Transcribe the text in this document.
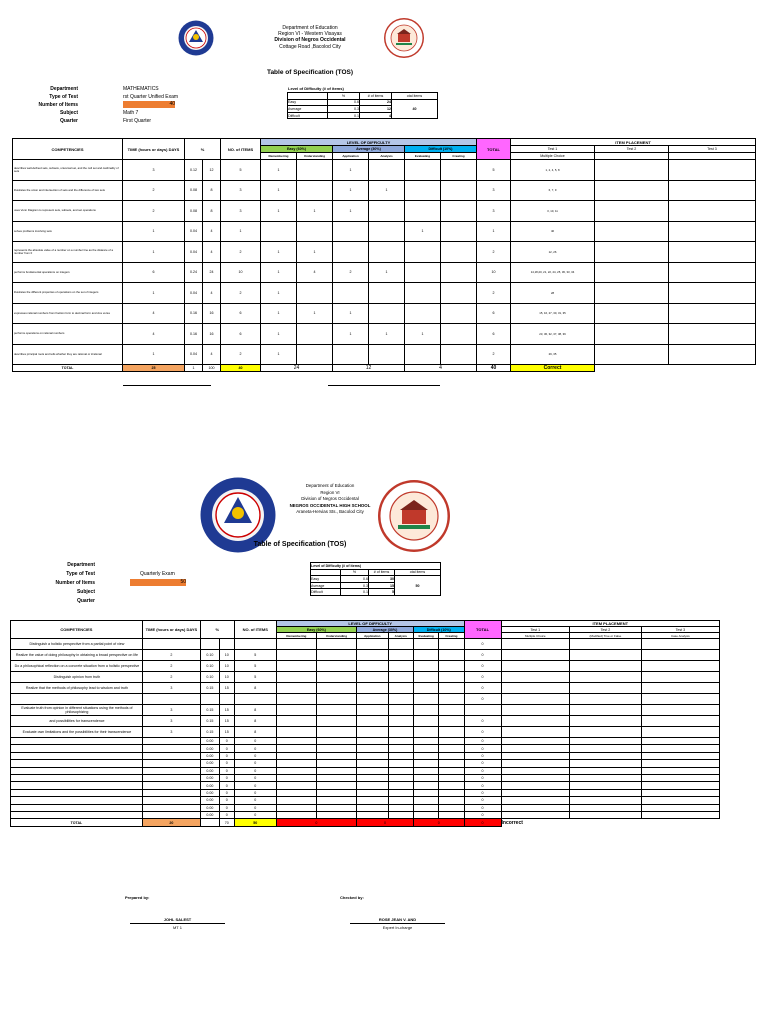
Department of Education
Region VI - Western Visayas
Division of Negros Occidental
Cottage Road ,Bacolod City
Table of Specification (TOS)
Department	MATHEMATICS
Type of Test	rst Quarter Unified Exam
Number of Items	40
Subject	Math 7
Quarter	First Quarter
Level of Difficulty (# of items)
	%	# of items	otal items
Easy	0.6	24	40
Average	0.3	12	
Difficult	0.1	4	
COMPETENCIES	TIME (hours or days) DAYS	%		NO. of ITEMS	LEVEL OF DIFFICULTY						TOTAL	ITEM PLACEMENT		
					Easy (60%)		Average (30%)		Difficult (10%)			Test 1	Test 2	Test 3
					Remembering	Understanding	Application	Analysis	Evaluating	Creating		Multiple Choice		
describes well-defined sets, subsets, universal set, and the null set and cardinality of sets	3	0.12	12	5	1		1				5	1, 2, 4, 5, 8		
illustrates the union and intersection of sets and the difference of two sets	2	0.08	8	3	1		1	1			3	6, 7, 9		
uses Venn Diagram to represent sets, subsets, and set operations	2	0.08	8	3	1	1	1				3	3, 10, 11		
solves problems involving sets	1	0.04	4	1					1		1	40		
represents the absolute value of a number on a number line as the distance of a number from 0	1	0.04	4	2	1	1					2	12, 26		
performs fundamental operations on integers	6	0.24	24	10	1	4	2	1			10	14,18,20, 21, 22, 24, 25, 36, 33, 34		
illustrates the different properties of operations on the set of integers	1	0.04	4	2	1						2	28		
expresses rational numbers from fraction form to decimal form and vice versa	4	0.16	16	6	1	1	1				6	15, 16, 27, 30, 31, 35		
performs operations on rational numbers	4	0.16	16	6	1		1	1	1		6	23, 36, 32, 37, 38, 39		
describes principal roots and tells whether they are rational or irrational	1	0.04	4	2	1						2	29, 35		
TOTAL	25	1	100	40	24		12		4		40	Correct		
Department of Education
Region VI
Division of Negros Occidental
NEGROS OCCIDENTAL HIGH SCHOOL
Araneta-Hervias Sts., Bacolod City
Table of Specification (TOS)
Department
Type of Test	Quarterly Exam
Number of Items	50
Subject
Quarter
Level of Difficulty (# of items)			
	%	# of items	otal items
Easy	0.6	30	50
Average	0.3	15	
Difficult	0.1	5	
COMPETENCIES	TIME (hours or days) DAYS	%		NO. of ITEMS	LEVEL OF DIFFICULTY						TOTAL	ITEM PLACEMENT		
					Easy (60%)		Average (30%)		Difficult (10%)			Test 1	Test 2	Test 3
					Remembering	Understanding	Application	Analysis	Evaluating	Creating		Multiple Choice	(Modified) True or False	Case Analysis
Distinguish a holistic perspective from a partial point of view											0			
Realize the value of doing philosophy in obtaining a broad perspective on life	2	0.10	10	5							0			
Do a philosophical reflection on a concrete situation from a holistic perspective	2	0.10	10	5							0			
Distinguish opinion from truth	2	0.10	10	5							0			
Realize that the methods of philosophy lead to wisdom and truth	3	0.15	15	8							0			
											0			
Evaluate truth from opinion in different situations using the methods of philosophizing	3	0.15	15	8										
and possibilities for transcendence	3	0.15	15	8							0			
Evaluate own limitations and the possibilities for their transcendence	3	0.15	15	8							0			
		0.00	0	0							0			
		0.00	0	0							0			
		0.00	0	0							0			
		0.00	0	0							0			
		0.00	0	0							0			
		0.00	0	0							0			
		0.00	0	0							0			
		0.00	0	0							0			
		0.00	0	0							0			
		0.00	0	0							0			
		0.00	0	0							0			
TOTAL	20		70	50	0		0		0		0	Incorrect		
Prepared by:	Checked by:
JOHL SALEST
MT 1
ROSE JEAN V. AND
Expert In-charge
